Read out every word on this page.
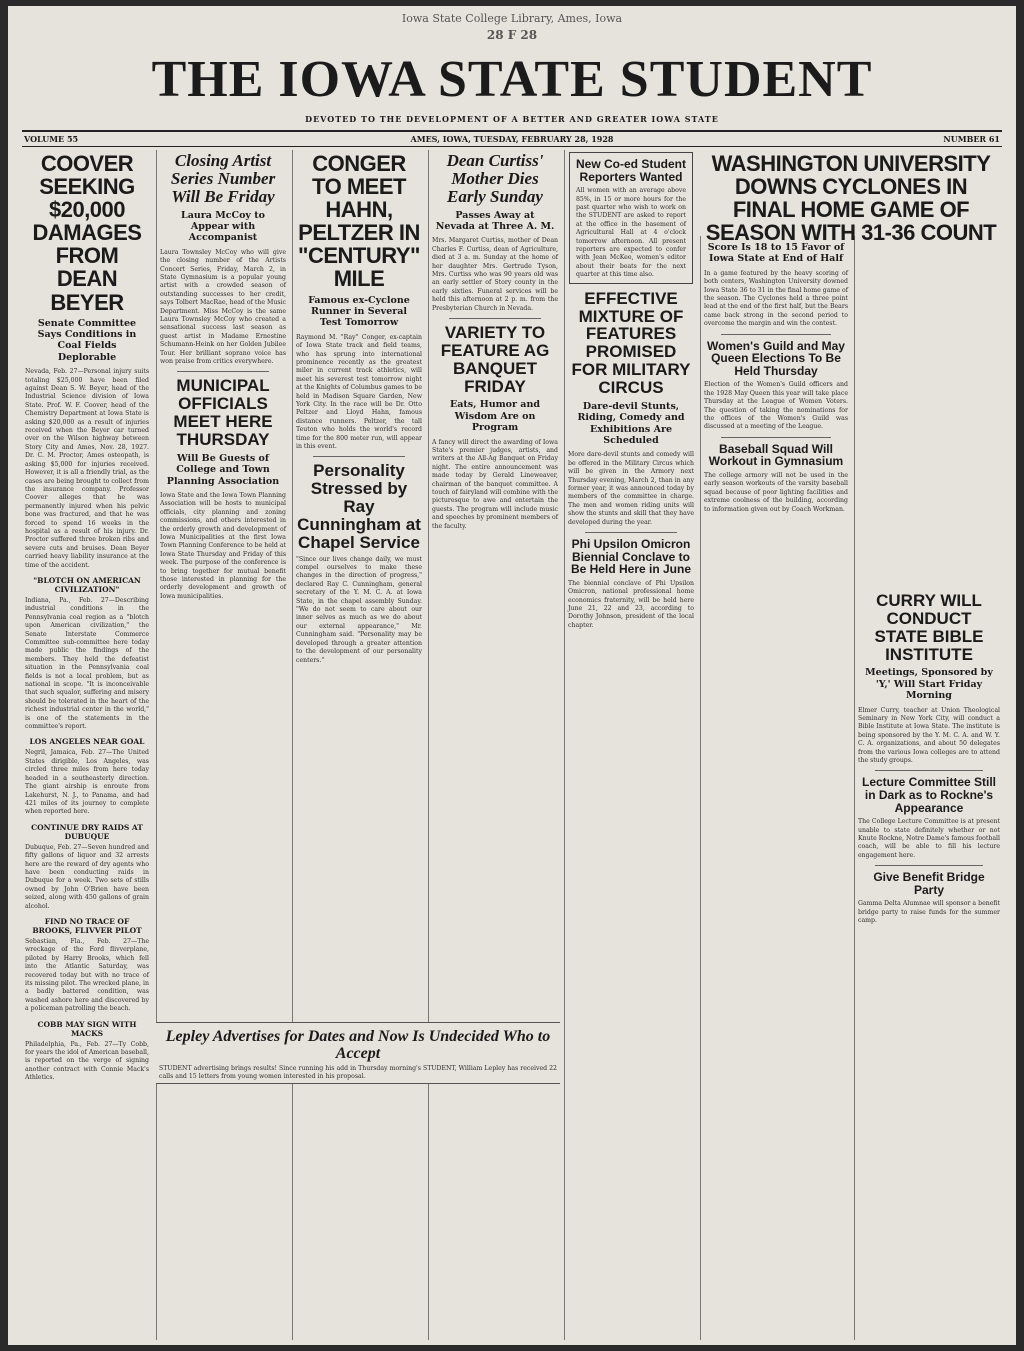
Iowa State College Library, Ames, Iowa
28 F 28
THE IOWA STATE STUDENT
DEVOTED TO THE DEVELOPMENT OF A BETTER AND GREATER IOWA STATE
VOLUME 55	AMES, IOWA, TUESDAY, FEBRUARY 28, 1928	NUMBER 61
COOVER SEEKING $20,000 DAMAGES FROM DEAN BEYER
Senate Committee Says Conditions in Coal Fields Deplorable
Nevada, Feb. 27—Personal injury suits totaling $25,000 have been filed against Dean S. W. Beyer, head of the Industrial Science division of Iowa State. Prof. W. F. Coover, head of the Chemistry Department at Iowa State is asking $20,000 as a result of injuries received when the Beyer car turned over on the Wilson highway between Story City and Ames, Nov. 28, 1927. Dr. C. M. Proctor, Ames osteopath, is asking $5,000 for injuries received. However, it is all a friendly trial, as the cases are being brought to collect from the insurance company. Professor Coover alleges that he was permanently injured when his pelvic bone was fractured, and that he was forced to spend 16 weeks in the hospital as a result of his injury. Dr. Proctor suffered three broken ribs and severe cuts and bruises. Dean Beyer carried heavy liability insurance at the time of the accident.
"BLOTCH ON AMERICAN CIVILIZATION"
Indiana, Pa., Feb. 27—Describing industrial conditions in the Pennsylvania coal region as a "blotch upon American civilization," the Senate Interstate Commerce Committee sub-committee here today made public the findings of the members. They held the defeatist situation in the Pennsylvania coal fields is not a local problem, but as national in scope. "It is inconceivable that such squalor, suffering and misery should be tolerated in the heart of the richest industrial center in the world," is one of the statements in the committee's report.
LOS ANGELES NEAR GOAL
Negril, Jamaica, Feb. 27—The United States dirigible, Los Angeles, was circled three miles from here today headed in a southeasterly direction. The giant airship is enroute from Lakehurst, N. J., to Panama, and had 421 miles of its journey to complete when reported here.
CONTINUE DRY RAIDS AT DUBUQUE
Dubuque, Feb. 27—Seven hundred and fifty gallons of liquor and 32 arrests here are the reward of dry agents who have been conducting raids in Dubuque for a week. Two sets of stills owned by John O'Brien have been seized, along with 450 gallons of grain alcohol.
FIND NO TRACE OF BROOKS, FLIVVER PILOT
Sebastian, Fla., Feb. 27—The wreckage of the Ford flivverplane, piloted by Harry Brooks, which fell into the Atlantic Saturday, was recovered today but with no trace of its missing pilot. The wrecked plane, in a badly battered condition, was washed ashore here and discovered by a policeman patrolling the beach.
COBB MAY SIGN WITH MACKS
Philadelphia, Pa., Feb. 27—Ty Cobb, for years the idol of American baseball, is reported on the verge of signing another contract with Connie Mack's Athletics.
Closing Artist Series Number Will Be Friday
Laura McCoy to Appear with Accompanist
Laura Townsley McCoy who will give the closing number of the Artists Concert Series, Friday, March 2, in State Gymnasium is a popular young artist with a crowded season of outstanding successes to her credit, says Tolbert MacRae, head of the Music Department. Miss McCoy is the same Laura Townsley McCoy who created a sensational success last season as guest artist in Madame Ernestine Schumann-Heink on her Golden Jubilee Tour. Her brilliant soprano voice has won praise from critics everywhere.
MUNICIPAL OFFICIALS MEET HERE THURSDAY
Will Be Guests of College and Town Planning Association
Iowa State and the Iowa Town Planning Association will be hosts to municipal officials, city planning and zoning commissions, and others interested in the orderly growth and development of Iowa Municipalities at the first Iowa Town Planning Conference to be held at Iowa State Thursday and Friday of this week. The purpose of the conference is to bring together for mutual benefit those interested in planning for the orderly development and growth of Iowa municipalities.
CONGER TO MEET HAHN, PELTZER IN "CENTURY" MILE
Famous ex-Cyclone Runner in Several Test Tomorrow
Raymond M. "Ray" Conger, ex-captain of Iowa State track and field teams, who has sprung into international prominence recently as the greatest miler in current track athletics, will meet his severest test tomorrow night at the Knights of Columbus games to be held in Madison Square Garden, New York City. In the race will be Dr. Otto Peltzer and Lloyd Hahn, famous distance runners. Peltzer, the tall Teuton who holds the world's record time for the 800 meter run, will appear in this event.
Personality Stressed by Ray Cunningham at Chapel Service
"Since our lives change daily, we must compel ourselves to make these changes in the direction of progress," declared Ray C. Cunningham, general secretary of the Y. M. C. A. at Iowa State, in the chapel assembly Sunday. "We do not seem to care about our inner selves as much as we do about our external appearance," Mr. Cunningham said. "Personality may be developed through a greater attention to the development of our personality centers."
Dean Curtiss' Mother Dies Early Sunday
Passes Away at Nevada at Three A. M.
Mrs. Margaret Curtiss, mother of Dean Charles F. Curtiss, dean of Agriculture, died at 3 a. m. Sunday at the home of her daughter Mrs. Gertrude Tyson, Mrs. Curtiss who was 90 years old was an early settler of Story county in the early sixties. Funeral services will be held this afternoon at 2 p. m. from the Presbyterian Church in Nevada.
VARIETY TO FEATURE AG BANQUET FRIDAY
Eats, Humor and Wisdom Are on Program
A fancy will direct the awarding of Iowa State's premier judges, artists, and writers at the All-Ag Banquet on Friday night. The entire announcement was made today by Gerald Lineweaver, chairman of the banquet committee. A touch of fairyland will combine with the picturesque to awe and entertain the guests. The program will include music and speeches by prominent members of the faculty.
New Co-ed Student Reporters Wanted
All women with an average above 85%, in 15 or more hours for the past quarter who wish to work on the STUDENT are asked to report at the office in the basement of Agricultural Hall at 4 o'clock tomorrow afternoon. All present reporters are expected to confer with Jean McKee, women's editor about their beats for the next quarter at this time also.
EFFECTIVE MIXTURE OF FEATURES PROMISED FOR MILITARY CIRCUS
Dare-devil Stunts, Riding, Comedy and Exhibitions Are Scheduled
More dare-devil stunts and comedy will be offered in the Military Circus which will be given in the Armory next Thursday evening, March 2, than in any former year, it was announced today by members of the committee in charge. The men and women riding units will show the stunts and skill that they have developed during the year.
Phi Upsilon Omicron Biennial Conclave to Be Held Here in June
The biennial conclave of Phi Upsilon Omicron, national professional home economics fraternity, will be held here June 21, 22 and 23, according to Dorothy Johnson, president of the local chapter.
Score Is 18 to 15 Favor of Iowa State at End of Half
In a game featured by the heavy scoring of both centers, Washington University downed Iowa State 36 to 31 in the final home game of the season. The Cyclones held a three point lead at the end of the first half, but the Bears came back strong in the second period to overcome the margin and win the contest.
Women's Guild and May Queen Elections To Be Held Thursday
Election of the Women's Guild officers and the 1928 May Queen this year will take place Thursday at the League of Women Voters. The question of taking the nominations for the offices of the Women's Guild was discussed at a meeting of the League.
Baseball Squad Will Workout in Gymnasium
The college armory will not be used in the early season workouts of the varsity baseball squad because of poor lighting facilities and extreme coolness of the building, according to information given out by Coach Workman.
CURRY WILL CONDUCT STATE BIBLE INSTITUTE
Meetings, Sponsored by 'Y,' Will Start Friday Morning
Elmer Curry, teacher at Union Theological Seminary in New York City, will conduct a Bible Institute at Iowa State. The institute is being sponsored by the Y. M. C. A. and W. Y. C. A. organizations, and about 50 delegates from the various Iowa colleges are to attend the study groups.
Lecture Committee Still in Dark as to Rockne's Appearance
The College Lecture Committee is at present unable to state definitely whether or not Knute Rockne, Notre Dame's famous football coach, will be able to fill his lecture engagement here.
Give Benefit Bridge Party
Gamma Delta Alumnae will sponsor a benefit bridge party to raise funds for the summer camp.
WASHINGTON UNIVERSITY DOWNS CYCLONES IN FINAL HOME GAME OF SEASON WITH 31-36 COUNT
Lepley Advertises for Dates and Now Is Undecided Who to Accept
STUDENT advertising brings results! Since running his add in Thursday morning's STUDENT, William Lepley has received 22 calls and 15 letters from young women interested in his proposal.
